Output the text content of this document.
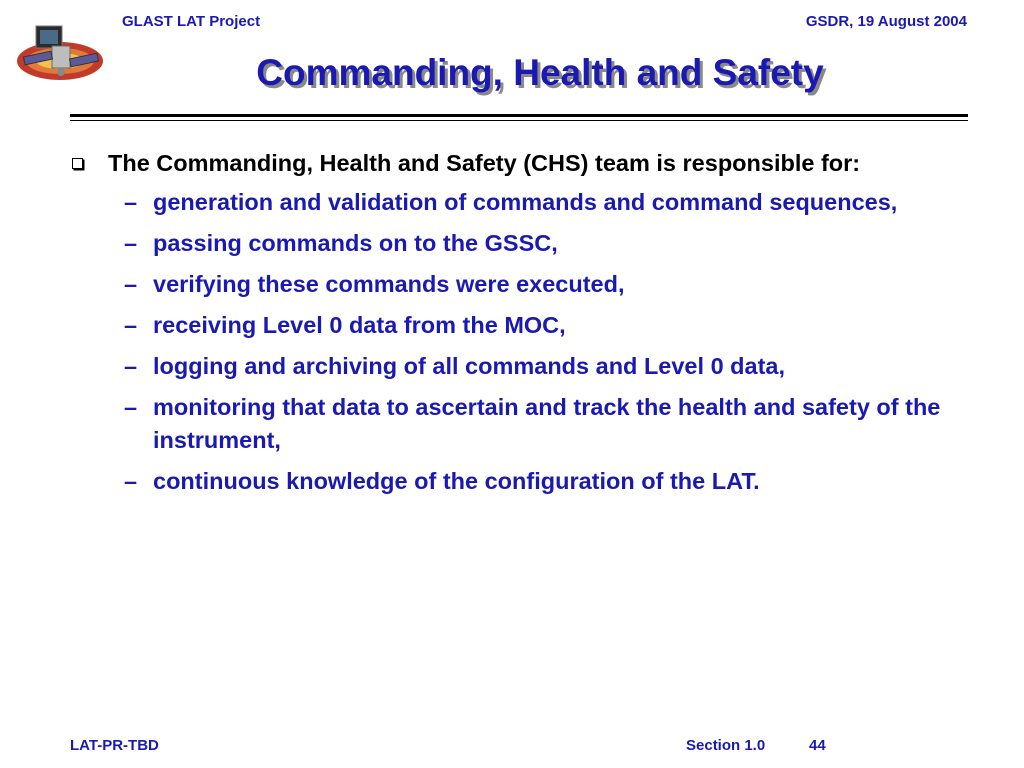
GLAST LAT Project	GSDR, 19 August 2004
Commanding, Health and Safety
The Commanding, Health and Safety (CHS) team is responsible for:
– generation and validation of commands and command sequences,
– passing commands on to the GSSC,
– verifying these commands were executed,
– receiving Level 0 data from the MOC,
– logging and archiving of all commands and Level 0 data,
– monitoring that data to ascertain and track the health and safety of the instrument,
– continuous knowledge of the configuration of the LAT.
LAT-PR-TBD	Section 1.0	44
